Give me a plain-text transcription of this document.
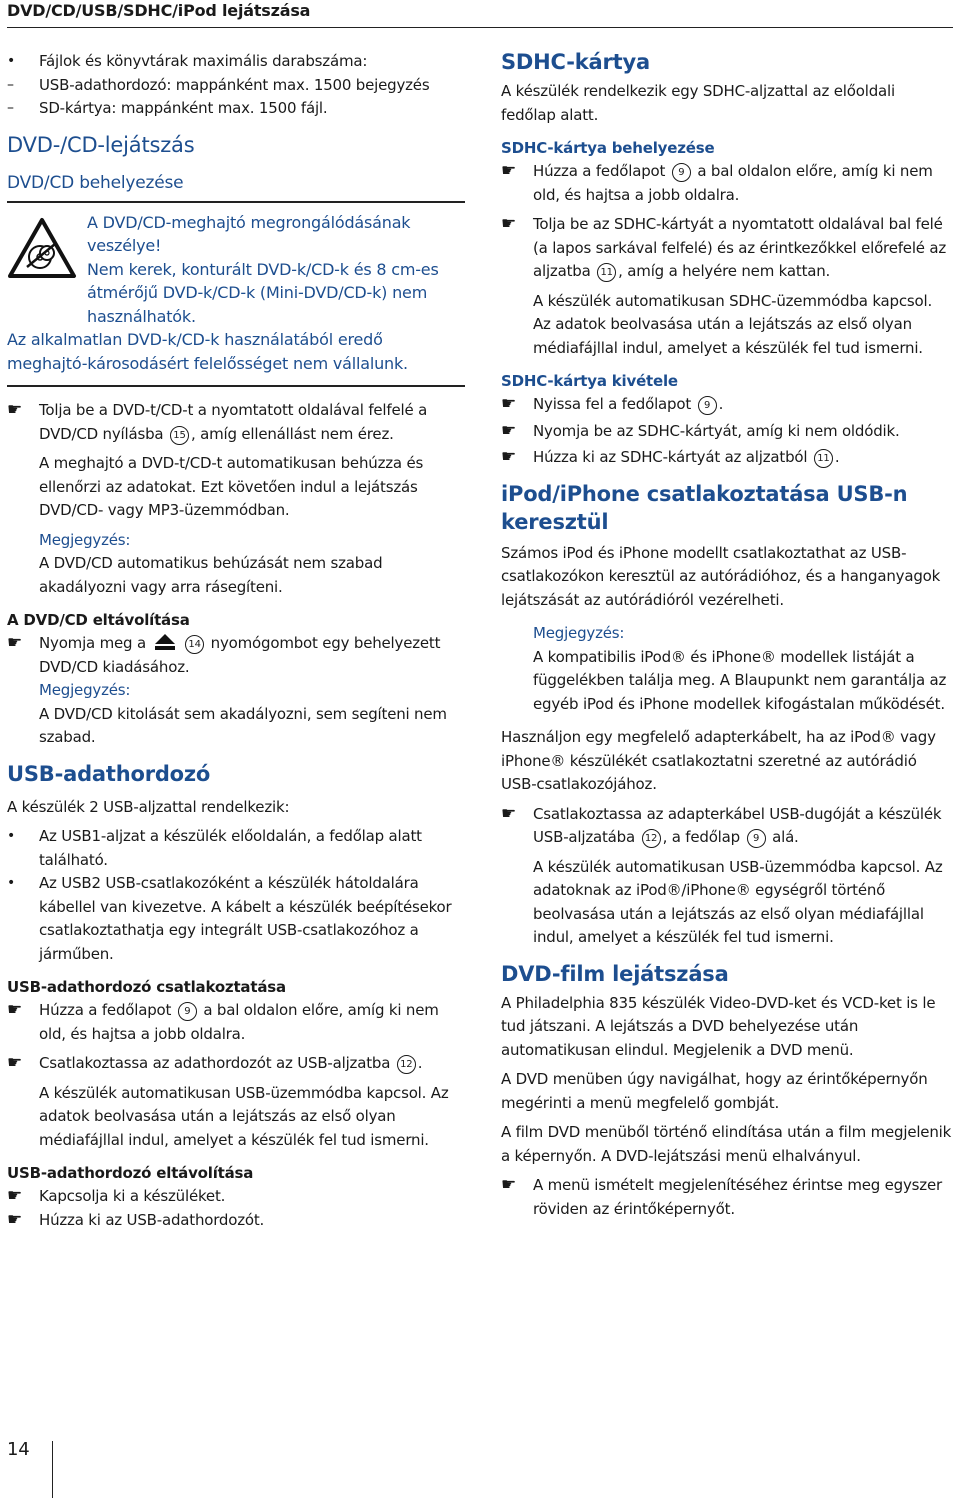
DVD/CD/USB/SDHC/iPod lejátszása
•	Fájlok és könyvtárak maximális darabszáma:
–	USB-adathordozó: mappánként max. 1500 bejegyzés
–	SD-kártya: mappánként max. 1500 fájl.
DVD-/CD-lejátszás
DVD/CD behelyezése

A DVD/CD-meghajtó megrongálódásának veszélye!

Nem kerek, konturált DVD-k/CD-k és 8 cm-es átmérőjű DVD-k/CD-k (Mini-DVD/CD-k) nem használhatók.

Az alkalmatlan DVD-k/CD-k használatából eredő meghajtó-károsodásért felelősséget nem vállalunk.

☛	Tolja be a DVD-t/CD-t a nyomtatott oldalával felfelé a DVD/CD nyílásba 15 , amíg ellenállást nem érez.

A meghajtó a DVD-t/CD-t automatikusan behúzza és ellenőrzi az adatokat. Ezt követően indul a lejátszás DVD/CD- vagy MP3-üzemmódban.

Megjegyzés:

A DVD/CD automatikus behúzását nem szabad akadályozni vagy arra rásegíteni.

A DVD/CD eltávolítása
☛	Nyomja meg a	14 nyomógombot egy behelyezett DVD/CD kiadásához.

Megjegyzés:

A DVD/CD kitolását sem akadályozni, sem segíteni nem szabad.

USB-adathordozó

A készülék 2 USB-aljzattal rendelkezik:

•	Az USB1-aljzat a készülék előoldalán, a fedőlap alatt található.
•	Az USB2 USB-csatlakozóként a készülék hátoldalára kábellel van kivezetve. A kábelt a készülék beépítésekor csatlakoztathatja egy integrált USB-csatlakozóhoz a járműben.
USB-adathordozó csatlakoztatása
☛	Húzza a fedőlapot 9 a bal oldalon előre, amíg ki nem old, és hajtsa a jobb oldalra.
☛	Csatlakoztassa az adathordozót az USB-aljzatba 12 .

A készülék automatikusan USB-üzemmódba kapcsol. Az adatok beolvasása után a lejátszás az első olyan médiafájllal indul, amelyet a készülék fel tud ismerni.

USB-adathordozó eltávolítása
☛	Kapcsolja ki a készüléket.
☛	Húzza ki az USB-adathordozót.
SDHC-kártya

A készülék rendelkezik egy SDHC-aljzattal az előoldali fedőlap alatt.

SDHC-kártya behelyezése
☛	Húzza a fedőlapot 9 a bal oldalon előre, amíg ki nem old, és hajtsa a jobb oldalra.
☛	Tolja be az SDHC-kártyát a nyomtatott oldalával bal felé (a lapos sarkával felfelé) és az érintkezőkkel előrefelé az aljzatba 11 , amíg a helyére nem kattan.

A készülék automatikusan SDHC-üzemmódba kapcsol. Az adatok beolvasása után a lejátszás az első olyan médiafájllal indul, amelyet a készülék fel tud ismerni.

SDHC-kártya kivétele
☛	Nyissa fel a fedőlapot 9 .
☛	Nyomja be az SDHC-kártyát, amíg ki nem oldódik.
☛	Húzza ki az SDHC-kártyát az aljzatból 11 .
iPod/iPhone csatlakoztatása USB-n keresztül

Számos iPod és iPhone modellt csatlakoztathat az USB-csatlakozókon keresztül az autórádióhoz, és a hanganyagok lejátszását az autórádióról vezérelheti.

Megjegyzés:

A kompatibilis iPod® és iPhone® modellek listáját a függelékben találja meg. A Blaupunkt nem garantálja az egyéb iPod és iPhone modellek kifogástalan működését.

Használjon egy megfelelő adapterkábelt, ha az iPod® vagy iPhone® készülékét csatlakoztatni szeretné az autórádió USB-csatlakozójához.

☛	Csatlakoztassa az adapterkábel USB-dugóját a készülék USB-aljzatába 12 , a fedőlap 9 alá.

A készülék automatikusan USB-üzemmódba kapcsol. Az adatoknak az iPod®/iPhone® egységről történő beolvasása után a lejátszás az első olyan médiafájllal indul, amelyet a készülék fel tud ismerni.

DVD-film lejátszása

A Philadelphia 835 készülék Video-DVD-ket és VCD-ket is le tud játszani. A lejátszás a DVD behelyezése után automatikusan elindul. Megjelenik a DVD menü.

A DVD menüben úgy navigálhat, hogy az érintőképernyőn megérinti a menü megfelelő gombját.

A film DVD menüből történő elindítása után a film megjelenik a képernyőn. A DVD-lejátszási menü elhalványul.

☛	A menü ismételt megjelenítéséhez érintse meg egyszer röviden az érintőképernyőt.
14
